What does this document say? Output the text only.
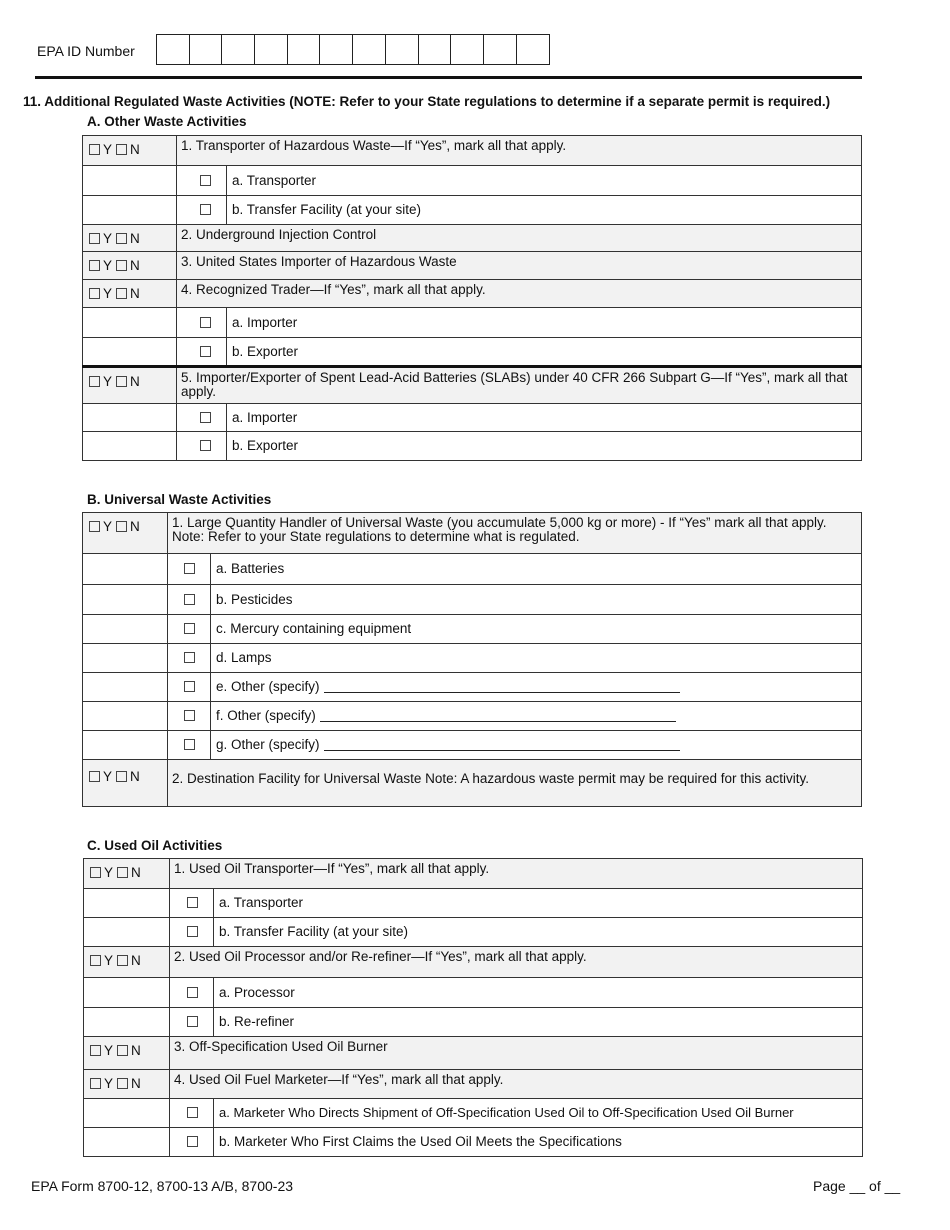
EPA ID Number
11. Additional Regulated Waste Activities (NOTE: Refer to your State regulations to determine if a separate permit is required.)
A. Other Waste Activities
Y N	1. Transporter of Hazardous Waste—If “Yes”, mark all that apply.	
		a. Transporter
		b. Transfer Facility (at your site)
Y N	2. Underground Injection Control	
Y N	3. United States Importer of Hazardous Waste	
Y N	4. Recognized Trader—If “Yes”, mark all that apply.	
		a. Importer
		b. Exporter
Y N	5. Importer/Exporter of Spent Lead-Acid Batteries (SLABs) under 40 CFR 266 Subpart G—If “Yes”, mark all that apply.	
		a. Importer
		b. Exporter
B. Universal Waste Activities
Y N	1. Large Quantity Handler of Universal Waste (you accumulate 5,000 kg or more) - If “Yes” mark all that apply. Note: Refer to your State regulations to determine what is regulated.	
		a. Batteries
		b. Pesticides
		c. Mercury containing equipment
		d. Lamps
		e. Other (specify)
		f. Other (specify)
		g. Other (specify)
Y N	2. Destination Facility for Universal Waste Note: A hazardous waste permit may be required for this activity.	
C. Used Oil Activities
Y N	1. Used Oil Transporter—If “Yes”, mark all that apply.	
		a. Transporter
		b. Transfer Facility (at your site)
Y N	2. Used Oil Processor and/or Re-refiner—If “Yes”, mark all that apply.	
		a. Processor
		b. Re-refiner
Y N	3. Off-Specification Used Oil Burner	
Y N	4. Used Oil Fuel Marketer—If “Yes”, mark all that apply.	
		a. Marketer Who Directs Shipment of Off-Specification Used Oil to Off-Specification Used Oil Burner
		b. Marketer Who First Claims the Used Oil Meets the Specifications
EPA Form 8700-12, 8700-13 A/B, 8700-23	Page __ of __
